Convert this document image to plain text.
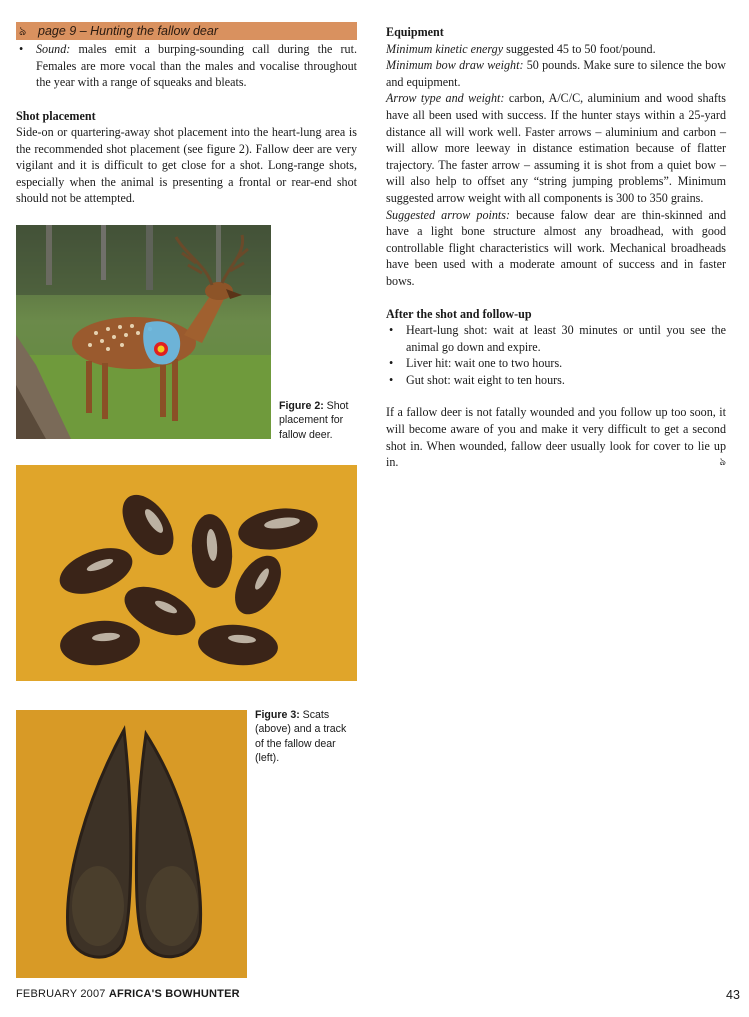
ঌ page 9 – Hunting the fallow dear
• Sound: males emit a burping-sounding call during the rut. Females are more vocal than the males and vocalise throughout the year with a range of squeaks and bleats.
Shot placement
Side-on or quartering-away shot placement into the heart-lung area is the recommended shot placement (see figure 2). Fallow deer are very vigilant and it is difficult to get close for a shot. Long-range shots, especially when the animal is presenting a frontal or rear-end shot should not be attempted.
Figure 2: Shot placement for fallow deer.
Figure 3: Scats (above) and a track of the fallow dear (left).
Equipment
Minimum kinetic energy suggested 45 to 50 foot/pound.
Minimum bow draw weight: 50 pounds. Make sure to silence the bow and equipment.
Arrow type and weight: carbon, A/C/C, aluminium and wood shafts have all been used with success. If the hunter stays within a 25-yard distance all will work well. Faster arrows – aluminium and carbon – will allow more leeway in distance estimation because of flatter trajectory. The faster arrow – assuming it is shot from a quiet bow – will also help to offset any “string jumping problems”. Minimum suggested arrow weight with all components is 300 to 350 grains.
Suggested arrow points: because falow dear are thin-skinned and have a light bone structure almost any broadhead, with good controllable flight characteristics will work. Mechanical broadheads have been used with a moderate amount of success and in faster bows.
After the shot and follow-up
• Heart-lung shot: wait at least 30 minutes or until you see the animal go down and expire.
• Liver hit: wait one to two hours.
• Gut shot: wait eight to ten hours.
If a fallow deer is not fatally wounded and you follow up too soon, it will become aware of you and make it very difficult to get a second shot in. When wounded, fallow deer usually look for cover to lie up in.	ঌ
FEBRUARY 2007 AFRICA'S BOWHUNTER	43
